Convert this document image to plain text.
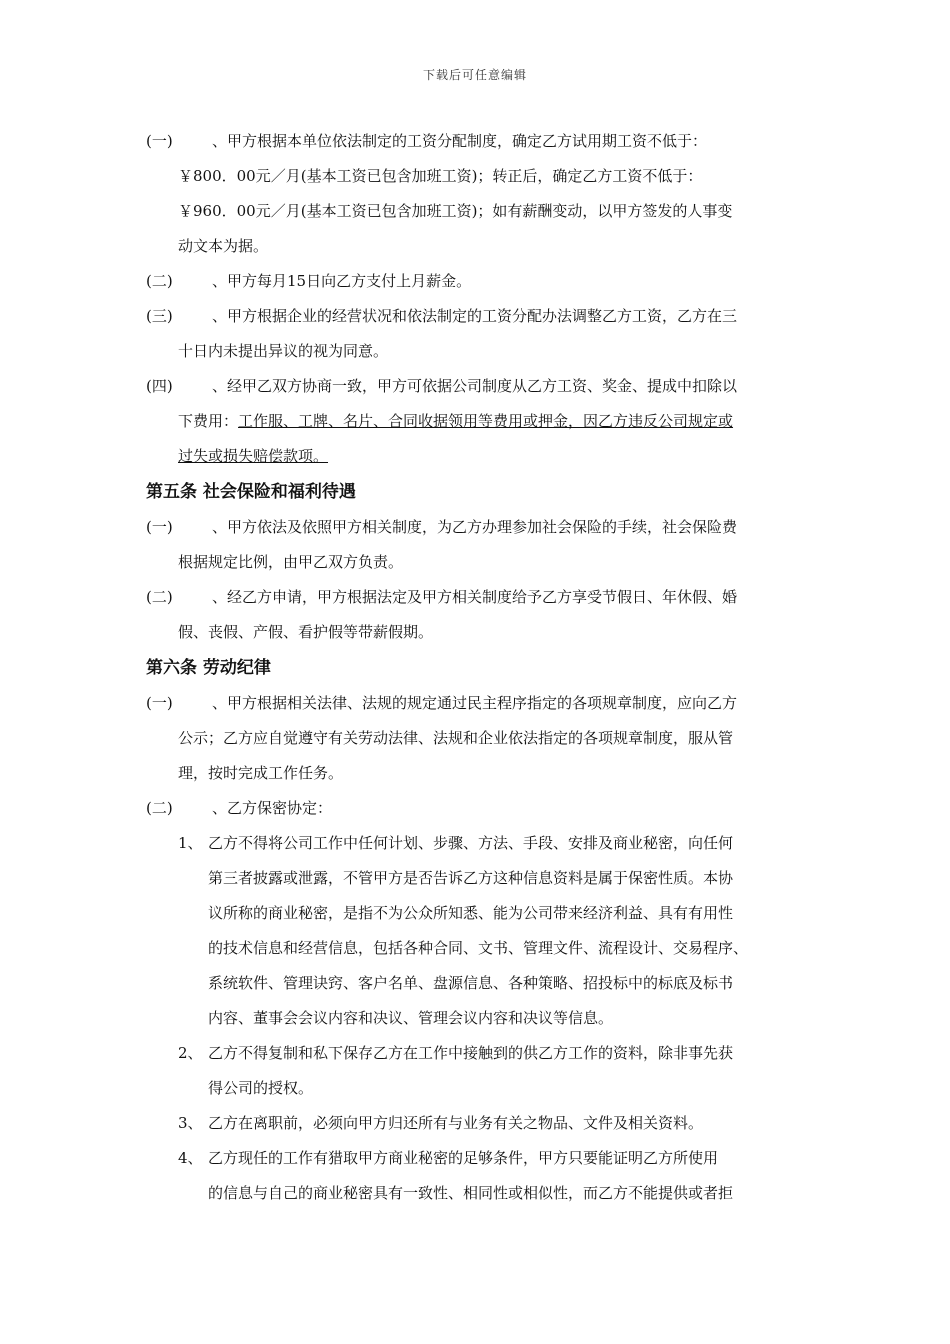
下载后可任意编辑
(一)	、甲方根据本单位依法制定的工资分配制度，确定乙方试用期工资不低于：
￥800．00元／月(基本工资已包含加班工资)；转正后，确定乙方工资不低于：
￥960．00元／月(基本工资已包含加班工资)；如有薪酬变动，以甲方签发的人事变
动文本为据。
(二)	、甲方每月15日向乙方支付上月薪金。
(三)	、甲方根据企业的经营状况和依法制定的工资分配办法调整乙方工资，乙方在三
十日内未提出异议的视为同意。
(四)	、经甲乙双方协商一致，甲方可依据公司制度从乙方工资、奖金、提成中扣除以
下费用：工作服、工牌、名片、合同收据领用等费用或押金，因乙方违反公司规定或
过失或损失赔偿款项。
第五条 社会保险和福利待遇
(一)	、甲方依法及依照甲方相关制度，为乙方办理参加社会保险的手续，社会保险费
根据规定比例，由甲乙双方负责。
(二)	、经乙方申请，甲方根据法定及甲方相关制度给予乙方享受节假日、年休假、婚
假、丧假、产假、看护假等带薪假期。
第六条 劳动纪律
(一)	、甲方根据相关法律、法规的规定通过民主程序指定的各项规章制度，应向乙方
公示；乙方应自觉遵守有关劳动法律、法规和企业依法指定的各项规章制度，服从管
理，按时完成工作任务。
(二)	、乙方保密协定：
1、 乙方不得将公司工作中任何计划、步骤、方法、手段、安排及商业秘密，向任何
第三者披露或泄露，不管甲方是否告诉乙方这种信息资料是属于保密性质。本协
议所称的商业秘密，是指不为公众所知悉、能为公司带来经济利益、具有有用性
的技术信息和经营信息，包括各种合同、文书、管理文件、流程设计、交易程序、
系统软件、管理诀窍、客户名单、盘源信息、各种策略、招投标中的标底及标书
内容、董事会会议内容和决议、管理会议内容和决议等信息。
2、 乙方不得复制和私下保存乙方在工作中接触到的供乙方工作的资料，除非事先获
得公司的授权。
3、 乙方在离职前，必须向甲方归还所有与业务有关之物品、文件及相关资料。
4、 乙方现任的工作有猎取甲方商业秘密的足够条件，甲方只要能证明乙方所使用
的信息与自己的商业秘密具有一致性、相同性或相似性，而乙方不能提供或者拒
